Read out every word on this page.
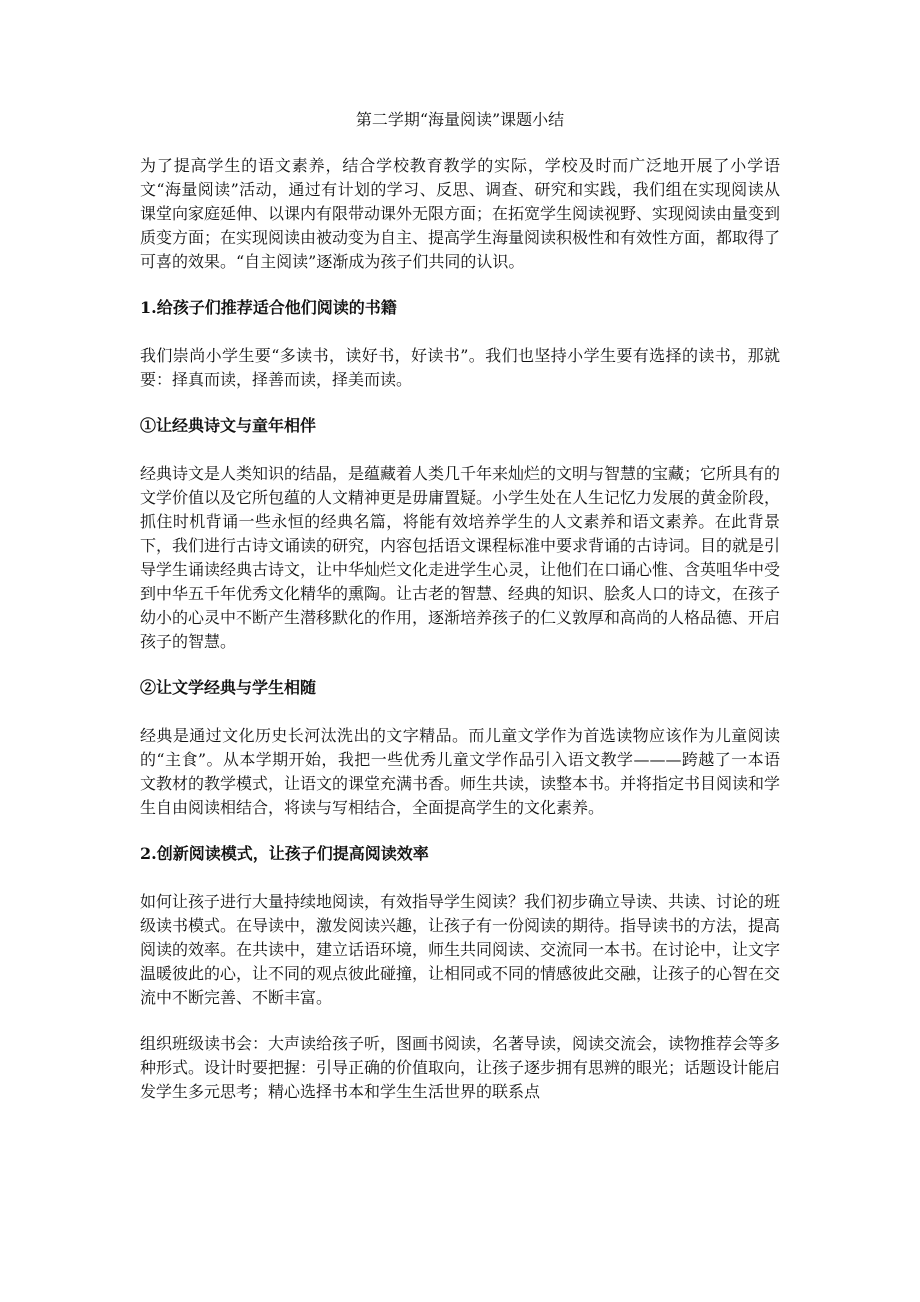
第二学期“海量阅读”课题小结

为了提高学生的语文素养，结合学校教育教学的实际，学校及时而广泛地开展了小学语文“海量阅读”活动，通过有计划的学习、反思、调查、研究和实践，我们组在实现阅读从课堂向家庭延伸、以课内有限带动课外无限方面；在拓宽学生阅读视野、实现阅读由量变到质变方面；在实现阅读由被动变为自主、提高学生海量阅读积极性和有效性方面，都取得了可喜的效果。“自主阅读”逐渐成为孩子们共同的认识。

1.给孩子们推荐适合他们阅读的书籍

我们崇尚小学生要“多读书，读好书，好读书”。我们也坚持小学生要有选择的读书，那就要：择真而读，择善而读，择美而读。

①让经典诗文与童年相伴

经典诗文是人类知识的结晶，是蕴藏着人类几千年来灿烂的文明与智慧的宝藏；它所具有的文学价值以及它所包蕴的人文精神更是毋庸置疑。小学生处在人生记忆力发展的黄金阶段，抓住时机背诵一些永恒的经典名篇，将能有效培养学生的人文素养和语文素养。在此背景下，我们进行古诗文诵读的研究，内容包括语文课程标准中要求背诵的古诗词。目的就是引导学生诵读经典古诗文，让中华灿烂文化走进学生心灵，让他们在口诵心惟、含英咀华中受到中华五千年优秀文化精华的熏陶。让古老的智慧、经典的知识、脍炙人口的诗文，在孩子幼小的心灵中不断产生潜移默化的作用，逐渐培养孩子的仁义敦厚和高尚的人格品德、开启孩子的智慧。

②让文学经典与学生相随

经典是通过文化历史长河汰洗出的文字精品。而儿童文学作为首选读物应该作为儿童阅读的“主食”。从本学期开始，我把一些优秀儿童文学作品引入语文教学———跨越了一本语文教材的教学模式，让语文的课堂充满书香。师生共读，读整本书。并将指定书目阅读和学生自由阅读相结合，将读与写相结合，全面提高学生的文化素养。

2.创新阅读模式，让孩子们提高阅读效率

如何让孩子进行大量持续地阅读，有效指导学生阅读？我们初步确立导读、共读、讨论的班级读书模式。在导读中，激发阅读兴趣，让孩子有一份阅读的期待。指导读书的方法，提高阅读的效率。在共读中，建立话语环境，师生共同阅读、交流同一本书。在讨论中，让文字温暖彼此的心，让不同的观点彼此碰撞，让相同或不同的情感彼此交融，让孩子的心智在交流中不断完善、不断丰富。

组织班级读书会：大声读给孩子听，图画书阅读，名著导读，阅读交流会，读物推荐会等多种形式。设计时要把握：引导正确的价值取向，让孩子逐步拥有思辨的眼光；话题设计能启发学生多元思考；精心选择书本和学生生活世界的联系点
